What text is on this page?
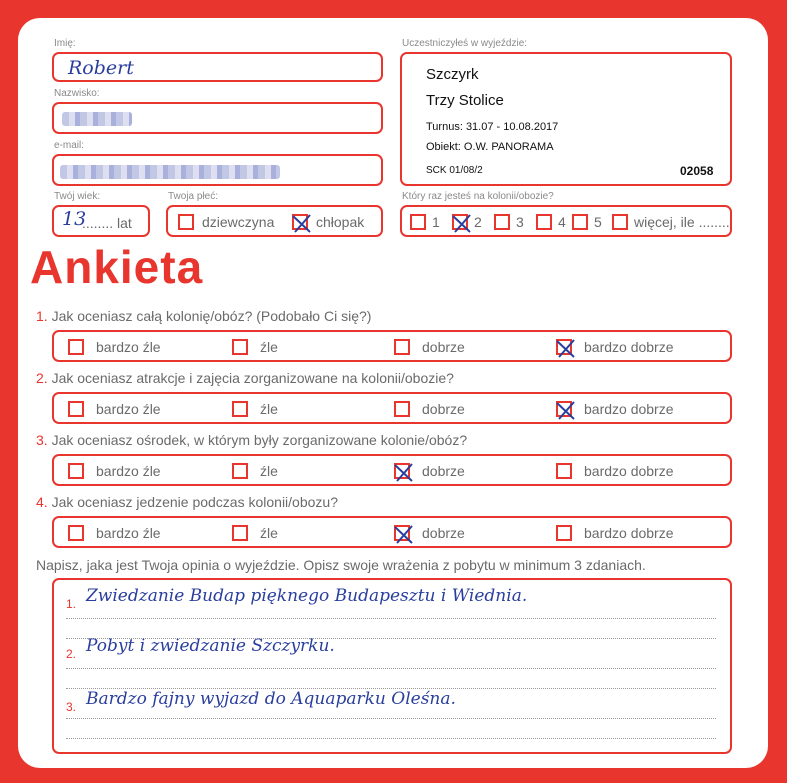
Imię:
Robert
Nazwisko:
e-mail:
Twój wiek:
13
........ lat
Twoja płeć:
dziewczyna	chłopak
Uczestniczyłeś w wyjeździe:
Szczyrk
Trzy Stolice
Turnus: 31.07 - 10.08.2017
Obiekt: O.W. PANORAMA
SCK 01/08/2	02058
Który raz jesteś na kolonii/obozie?
1 2 3 4 5 więcej, ile ........
Ankieta
1. Jak oceniasz całą kolonię/obóz? (Podobało Ci się?)
bardzo źle	źle	dobrze	bardzo dobrze
2. Jak oceniasz atrakcje i zajęcia zorganizowane na kolonii/obozie?
bardzo źle	źle	dobrze	bardzo dobrze
3. Jak oceniasz ośrodek, w którym były zorganizowane kolonie/obóz?
bardzo źle	źle	dobrze	bardzo dobrze
4. Jak oceniasz jedzenie podczas kolonii/obozu?
bardzo źle	źle	dobrze	bardzo dobrze
Napisz, jaka jest Twoja opinia o wyjeździe. Opisz swoje wrażenia z pobytu w minimum 3 zdaniach.
1. Zwiedzanie Budap pięknego Budapesztu i Wiednia.
2. Pobyt i zwiedzanie Szczyrku.
3. Bardzo fajny wyjazd do Aquaparku Oleśna.
